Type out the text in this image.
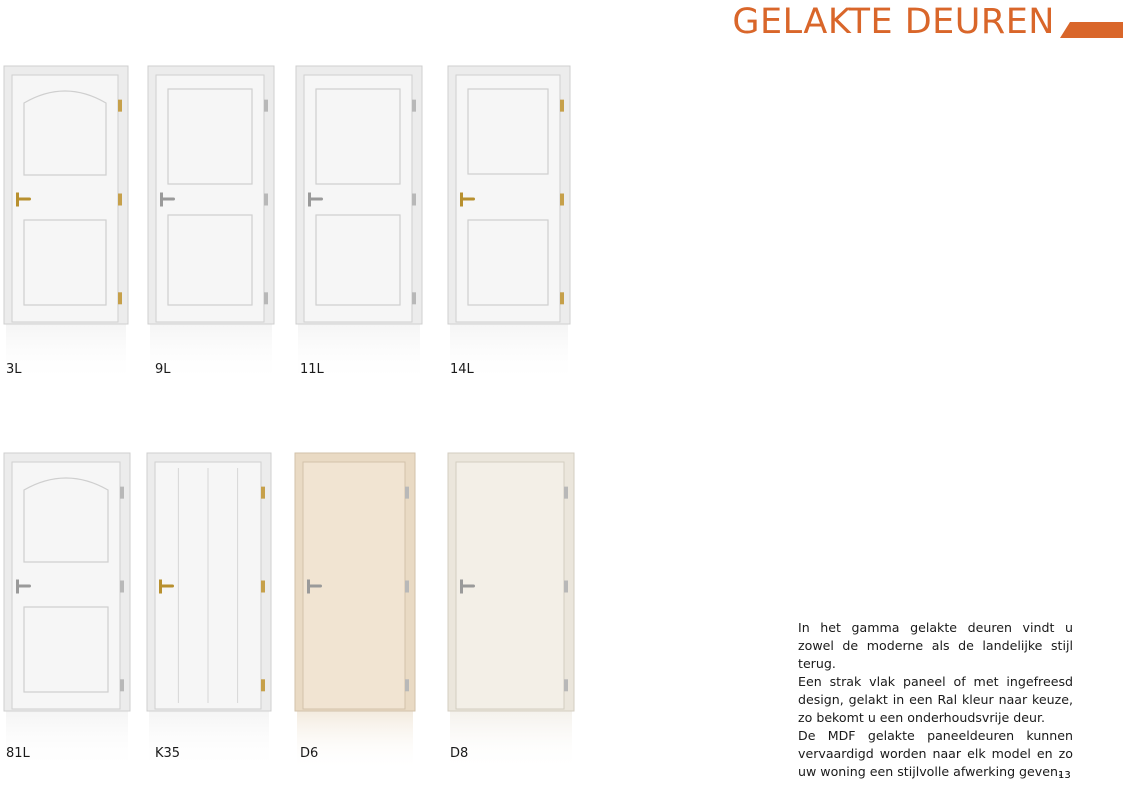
GELAKTE DEUREN
3L	9L	11L	14L
81L	K35	D6	D8

In het gamma gelakte deuren vindt u zowel de moderne als de landelijke stijl terug.

Een strak vlak paneel of met ingefreesd design, gelakt in een Ral kleur naar keuze, zo bekomt u een onderhoudsvrije deur.

De MDF gelakte paneeldeuren kunnen vervaardigd worden naar elk model en zo uw woning een stijlvolle afwerking geven.

13
